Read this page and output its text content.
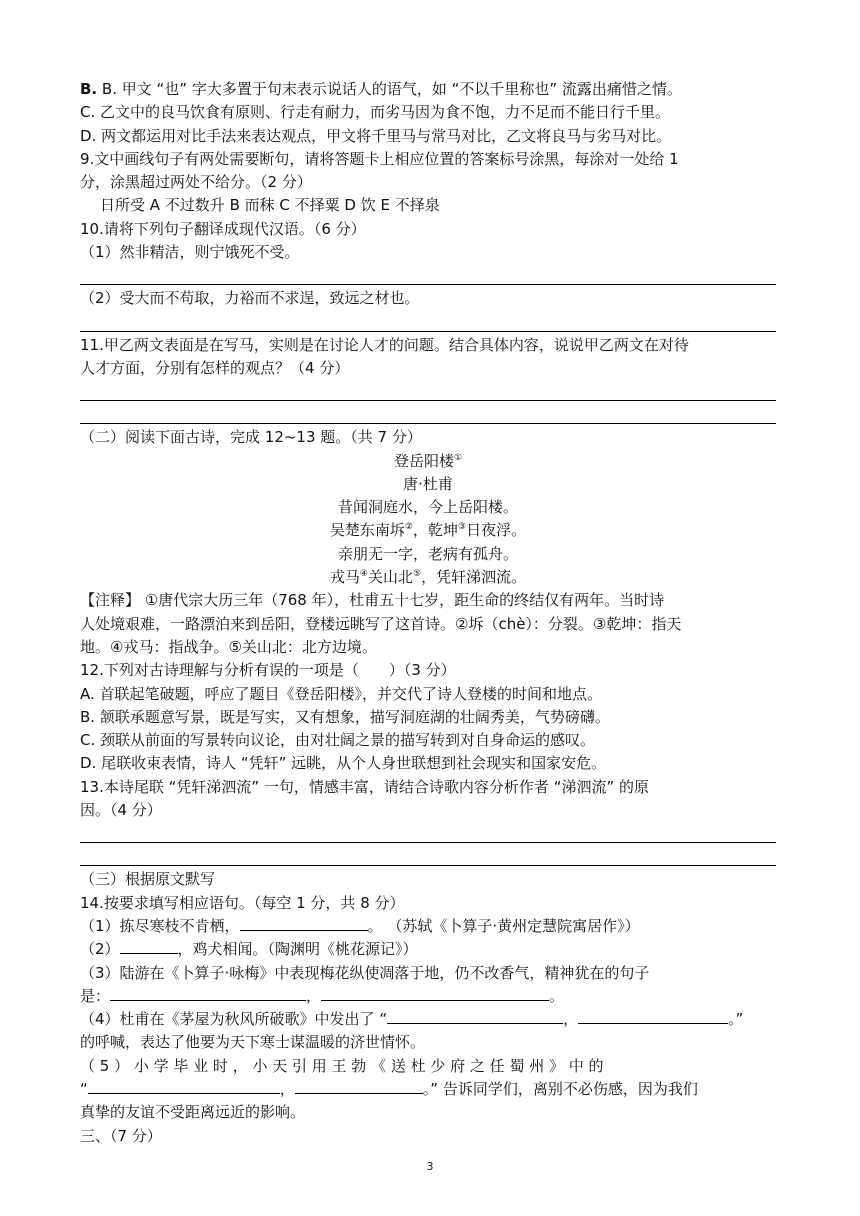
B. B. 甲文 “也” 字大多置于句末表示说话人的语气，如 “不以千里称也” 流露出痛惜之情。

C. 乙文中的良马饮食有原则、行走有耐力，而劣马因为食不饱，力不足而不能日行千里。

D. 两文都运用对比手法来表达观点，甲文将千里马与常马对比，乙文将良马与劣马对比。

9.文中画线句子有两处需要断句，请将答题卡上相应位置的答案标号涂黑，每涂对一处给 1

分，涂黑超过两处不给分。（2 分）

日所受 A 不过数升 B 而秣 C 不择粟 D 饮 E 不择泉

10.请将下列句子翻译成现代汉语。（6 分）

（1）然非精洁，则宁饿死不受。

（2）受大而不苟取，力裕而不求逞，致远之材也。

11.甲乙两文表面是在写马，实则是在讨论人才的问题。结合具体内容，说说甲乙两文在对待

人才方面，分别有怎样的观点？（4 分）

（二）阅读下面古诗，完成 12~13 题。（共 7 分）

登岳阳楼①

唐·杜甫

昔闻洞庭水，今上岳阳楼。

吴楚东南坼②，乾坤③日夜浮。

亲朋无一字，老病有孤舟。

戎马④关山北⑤，凭轩涕泗流。

【注释】 ①唐代宗大历三年（768 年），杜甫五十七岁，距生命的终结仅有两年。当时诗

人处境艰难，一路漂泊来到岳阳，登楼远眺写了这首诗。②坼（chè）：分裂。③乾坤：指天

地。④戎马：指战争。⑤关山北：北方边境。

12.下列对古诗理解与分析有误的一项是（　　）（3 分）

A. 首联起笔破题，呼应了题目《登岳阳楼》，并交代了诗人登楼的时间和地点。

B. 颔联承题意写景，既是写实，又有想象，描写洞庭湖的壮阔秀美，气势磅礴。

C. 颈联从前面的写景转向议论，由对壮阔之景的描写转到对自身命运的感叹。

D. 尾联收束表情，诗人 “凭轩” 远眺，从个人身世联想到社会现实和国家安危。

13.本诗尾联 “凭轩涕泗流” 一句，情感丰富，请结合诗歌内容分析作者 “涕泗流” 的原

因。（4 分）

（三）根据原文默写

14.按要求填写相应语句。（每空 1 分，共 8 分）

（1）拣尽寒枝不肯栖，	。 （苏轼《卜算子·黄州定慧院寓居作》）

（2）	，鸡犬相闻。（陶渊明《桃花源记》）

（3）陆游在《卜算子·咏梅》中表现梅花纵使凋落于地，仍不改香气，精神犹在的句子

是：	，	。

（4）杜甫在《茅屋为秋风所破歌》中发出了 “	，	。”

的呼喊，表达了他要为天下寒士谋温暖的济世情怀。

（ 5 ） 小 学 毕 业 时 ， 小 天 引 用 王 勃 《 送 杜 少 府 之 任 蜀 州 》 中 的

“	，	。” 告诉同学们，离别不必伤感，因为我们

真挚的友谊不受距离远近的影响。

三、（7 分）

3
